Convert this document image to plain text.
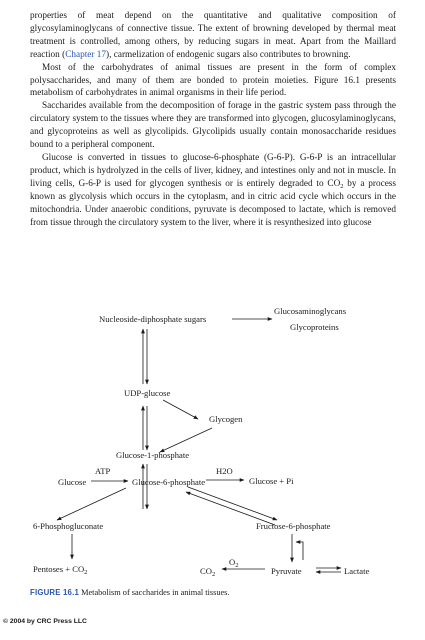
properties of meat depend on the quantitative and qualitative composition of glycosylaminoglycans of connective tissue. The extent of browning developed by thermal meat treatment is controlled, among others, by reducing sugars in meat. Apart from the Maillard reaction (Chapter 17), carmelization of endogenic sugars also contributes to browning.

Most of the carbohydrates of animal tissues are present in the form of complex polysaccharides, and many of them are bonded to protein moieties. Figure 16.1 presents metabolism of carbohydrates in animal organisms in their life period.

Saccharides available from the decomposition of forage in the gastric system pass through the circulatory system to the tissues where they are transformed into glycogen, glucosylaminoglycans, and glycoproteins as well as glycolipids. Glycolipids usually contain monosaccharide residues bound to a peripheral component.

Glucose is converted in tissues to glucose-6-phosphate (G-6-P). G-6-P is an intracellular product, which is hydrolyzed in the cells of liver, kidney, and intestines only and not in muscle. In living cells, G-6-P is used for glycogen synthesis or is entirely degraded to $CO_2$ by a process known as glycolysis which occurs in the cytoplasm, and in citric acid cycle which occurs in the mitochondria. Under anaerobic conditions, pyruvate is decomposed to lactate, which is removed from tissue through the circulatory system to the liver, where it is resynthesized into glucose

Glucosaminoglycans
Nucleoside-diphosphate sugars
Glycoproteins
UDP-glucose
Glycogen
Glucose-1-phosphate
ATP	H2O
Glucose	Glucose-6-phosphate	Glucose + Pi
6-Phosphogluconate	Fructose-6-phosphate
$O_2$
Pentoses + $CO_2$	$CO_2$	Pyruvate	Lactate
FIGURE 16.1 Metabolism of saccharides in animal tissues.
© 2004 by CRC Press LLC
